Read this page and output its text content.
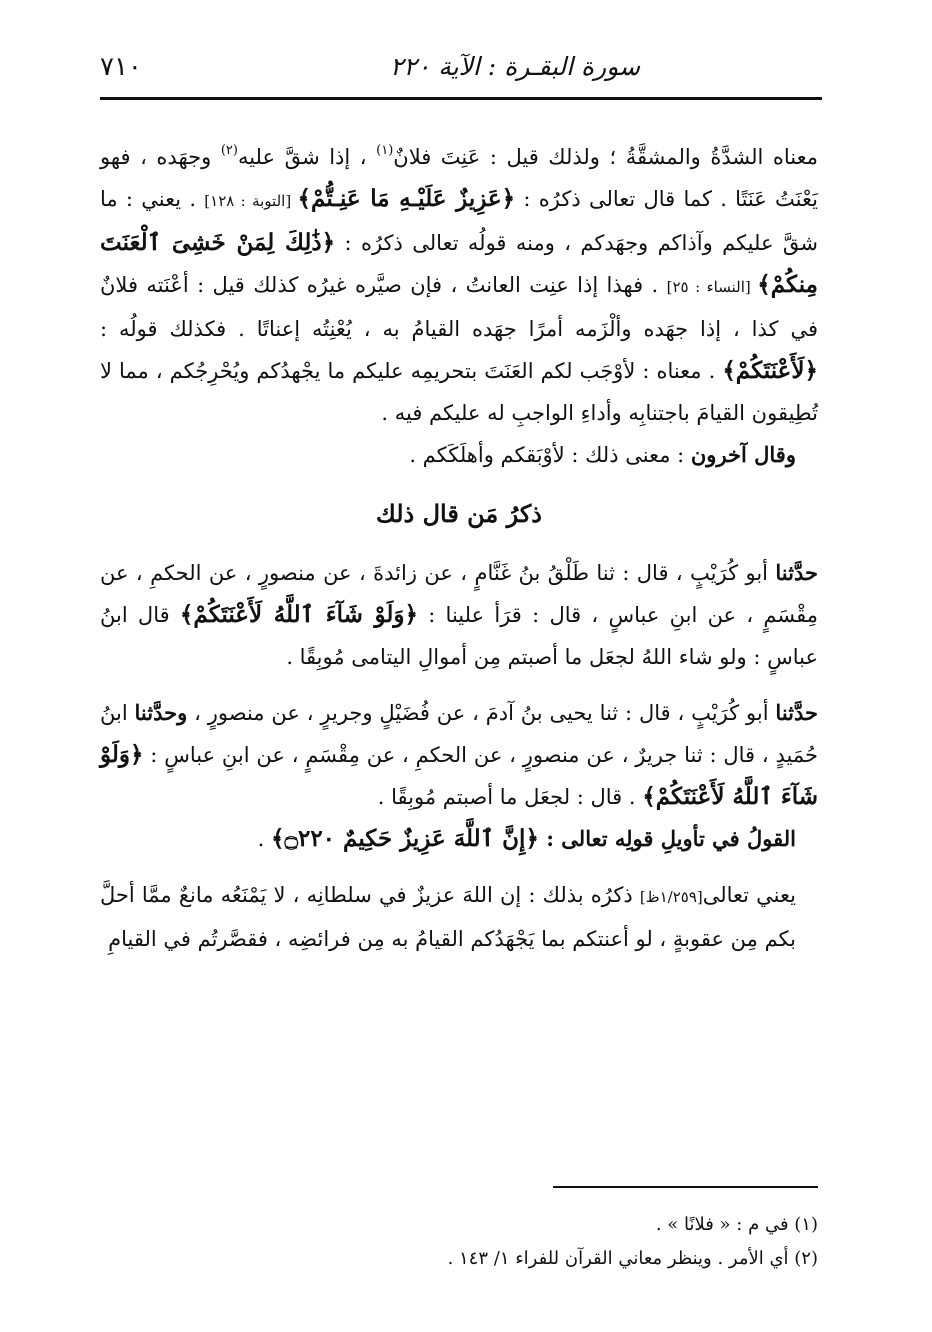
٧١٠	سورة البقـرة : الآية ٢٢٠

معناه الشدَّةُ والمشقَّةُ ؛ ولذلك قيل : عَنِتَ فلانٌ$^{(١)}$ ، إذا شقَّ عليه$^{(٢)}$ وجهَده ، فهو يَعْنَتُ عَنَتًا . كما قال تعالى ذكرُه : ﴿عَزِيزٌ عَلَيْـهِ مَا عَنِـتُّمْ﴾ [التوبة : ١٢٨] . يعني : ما شقَّ عليكم وآذاكم وجهَدكم ، ومنه قولُه تعالى ذكرُه : ﴿ذَٰلِكَ لِمَنْ خَشِىَ ٱلْعَنَتَ مِنكُمْ﴾ [النساء : ٢٥] . فهذا إذا عنِت العانتُ ، فإن صيَّره غيرُه كذلك قيل : أعْنَته فلانٌ في كذا ، إذا جهَده وألْزَمه أمرًا جهَده القيامُ به ، يُعْنِتُه إعناتًا . فكذلك قولُه : ﴿لَأَعْنَتَكُمْ﴾ . معناه : لأوْجَب لكم العَنَتَ بتحريمِه عليكم ما يجْهدُكم ويُحْرِجُكم ، مما لا تُطِيقون القيامَ باجتنابِه وأداءِ الواجبِ له عليكم فيه .

وقال آخرون : معنى ذلك : لأوْبَقكم وأهلَكَكم .

ذكرُ مَن قال ذلك

حدَّثنا أبو كُرَيْبٍ ، قال : ثنا طَلْقُ بنُ غَنَّامٍ ، عن زائدةَ ، عن منصورٍ ، عن الحكمِ ، عن مِقْسَمٍ ، عن ابنِ عباسٍ ، قال : قرَأ علينا : ﴿وَلَوْ شَآءَ ٱللَّهُ لَأَعْنَتَكُمْ﴾ قال ابنُ عباسٍ : ولو شاء اللهُ لجعَل ما أصبتم مِن أموالِ اليتامى مُوبِقًا .

حدَّثنا أبو كُرَيْبٍ ، قال : ثنا يحيى بنُ آدمَ ، عن فُضَيْلٍ وجريرٍ ، عن منصورٍ ، وحدَّثنا ابنُ حُمَيدٍ ، قال : ثنا جريرٌ ، عن منصورٍ ، عن الحكمِ ، عن مِقْسَمٍ ، عن ابنِ عباسٍ : ﴿وَلَوْ شَآءَ ٱللَّهُ لَأَعْنَتَكُمْ﴾ . قال : لجعَل ما أصبتم مُوبِقًا .

القولُ في تأويلِ قولِه تعالى : ﴿إِنَّ ٱللَّهَ عَزِيزٌ حَكِيمٌ ۝٢٢٠﴾ .

يعني تعالى[١/٢٥٩ظ] ذكرُه بذلك : إن اللهَ عزيزٌ في سلطانِه ، لا يَمْنَعُه مانعٌ ممَّا أحلَّ بكم مِن عقوبةٍ ، لو أعنتكم بما يَجْهَدُكم القيامُ به مِن فرائضِه ، فقصَّرتُم في القيامِ

(١) في م : « فلانًا » .
(٢) أي الأمر . وينظر معاني القرآن للفراء ١/ ١٤٣ .
